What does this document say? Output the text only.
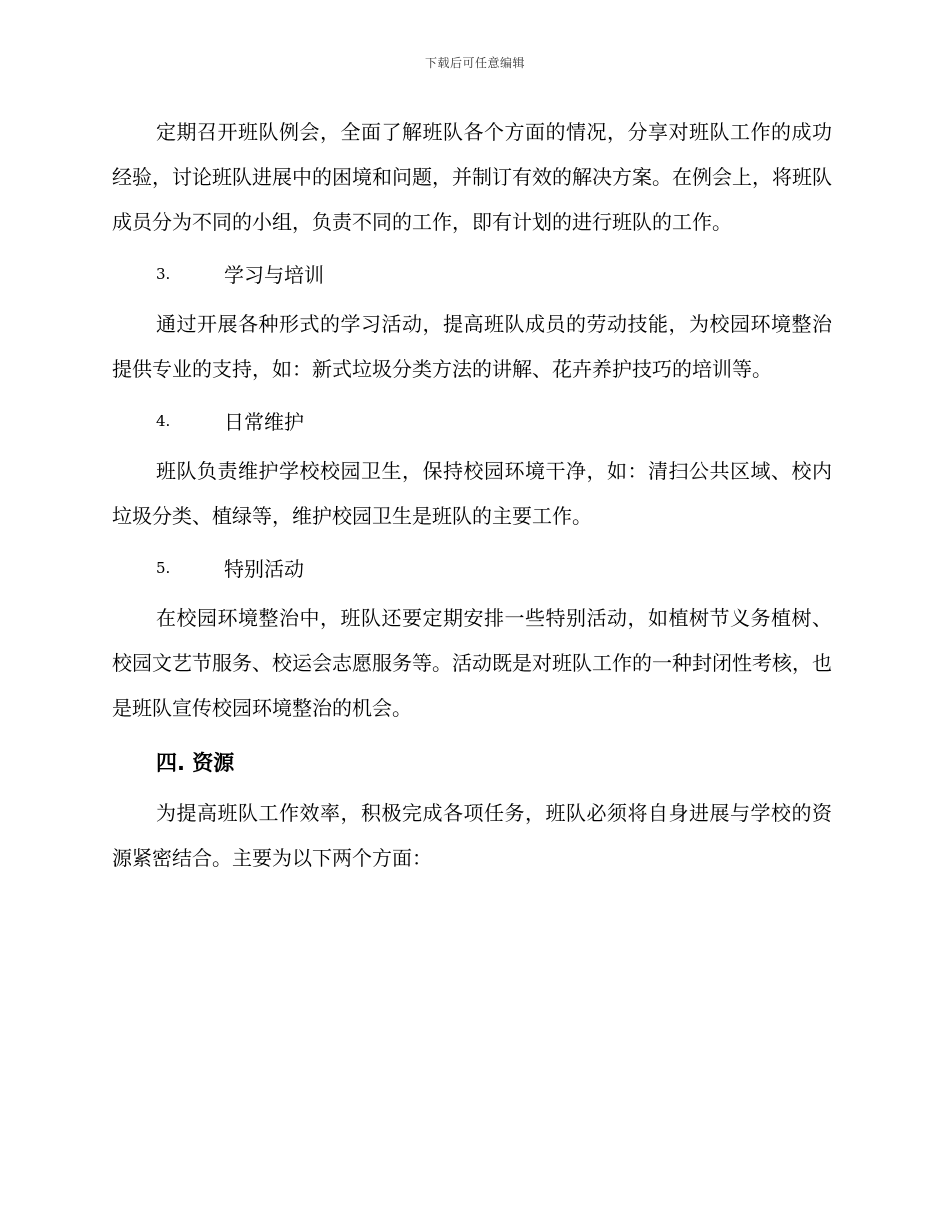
下载后可任意编辑

定期召开班队例会，全面了解班队各个方面的情况，分享对班队工作的成功经验，讨论班队进展中的困境和问题，并制订有效的解决方案。在例会上，将班队成员分为不同的小组，负责不同的工作，即有计划的进行班队的工作。

3.	学习与培训

通过开展各种形式的学习活动，提高班队成员的劳动技能，为校园环境整治提供专业的支持，如：新式垃圾分类方法的讲解、花卉养护技巧的培训等。

4.	日常维护

班队负责维护学校校园卫生，保持校园环境干净，如：清扫公共区域、校内垃圾分类、植绿等，维护校园卫生是班队的主要工作。

5.	特别活动

在校园环境整治中，班队还要定期安排一些特别活动，如植树节义务植树、校园文艺节服务、校运会志愿服务等。活动既是对班队工作的一种封闭性考核，也是班队宣传校园环境整治的机会。

四. 资源

为提高班队工作效率，积极完成各项任务，班队必须将自身进展与学校的资源紧密结合。主要为以下两个方面：
